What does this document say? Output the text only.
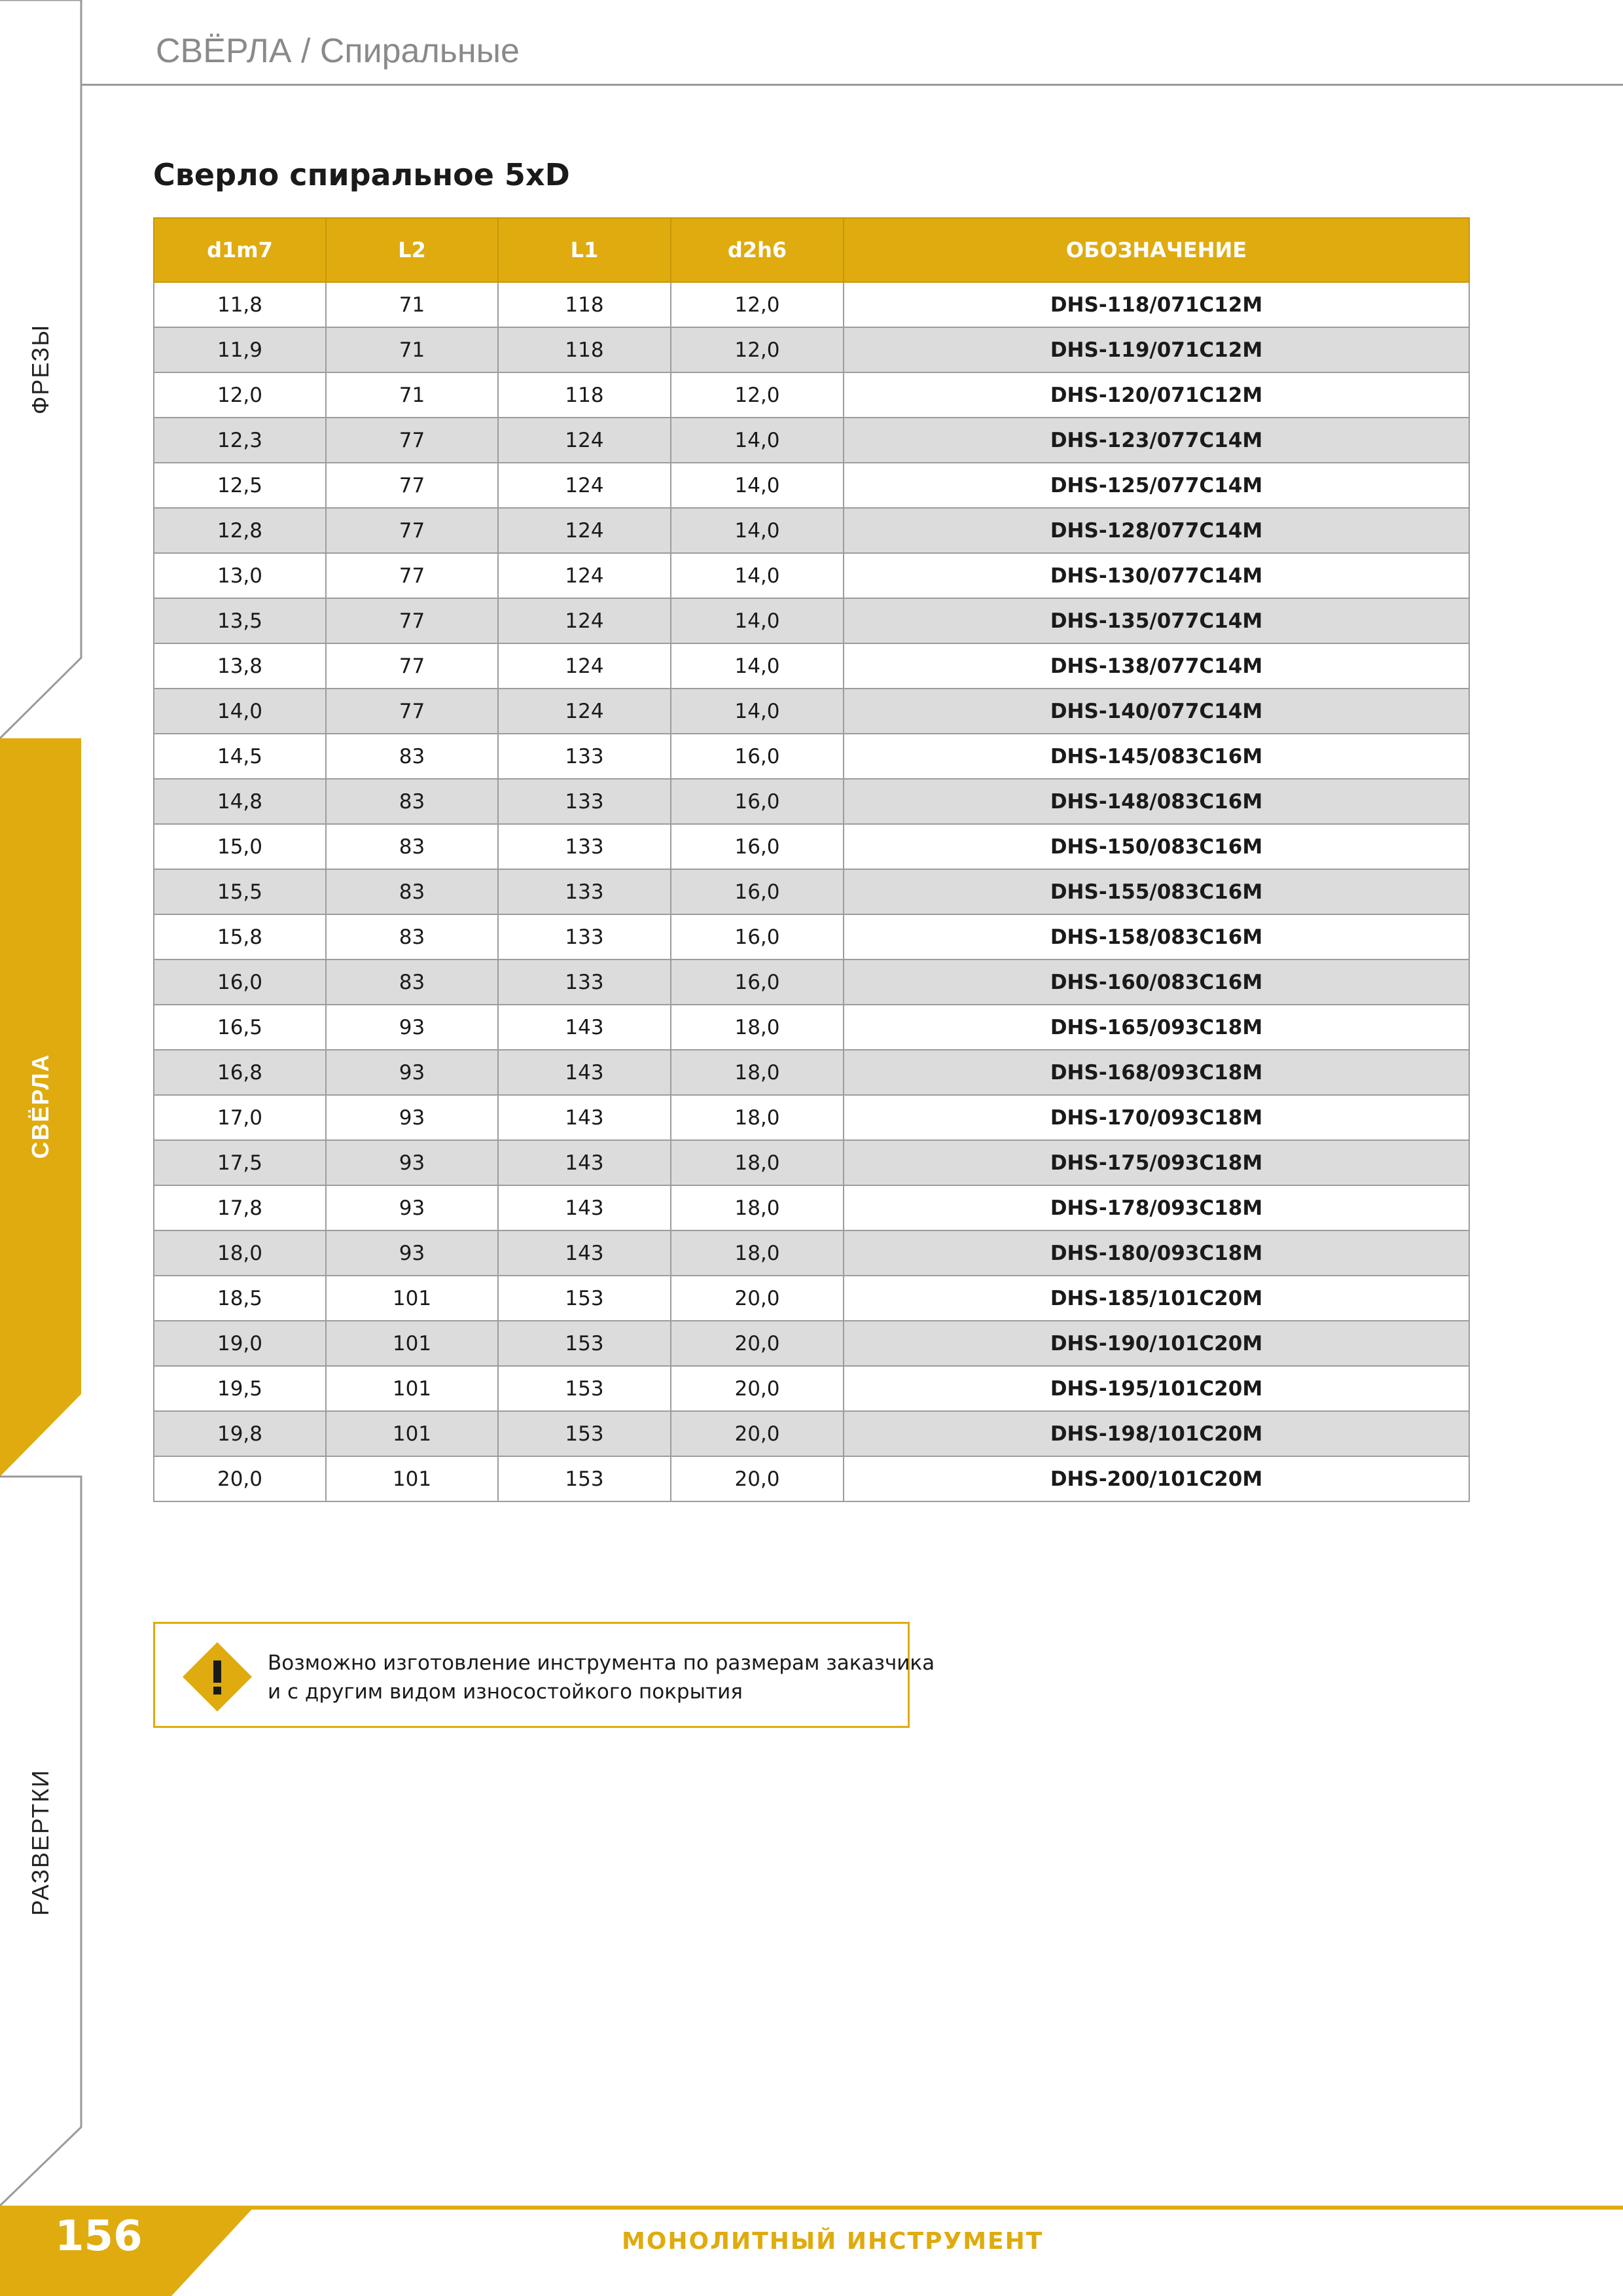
СВЁРЛА / Спиральные
ФРЕЗЫ
СВЁРЛА
РАЗВЕРТКИ
Сверло спиральное 5xD
d1m7	L2	L1	d2h6	ОБОЗНАЧЕНИЕ
11,8	71	118	12,0	DHS-118/071C12M
11,9	71	118	12,0	DHS-119/071C12M
12,0	71	118	12,0	DHS-120/071C12M
12,3	77	124	14,0	DHS-123/077C14M
12,5	77	124	14,0	DHS-125/077C14M
12,8	77	124	14,0	DHS-128/077C14M
13,0	77	124	14,0	DHS-130/077C14M
13,5	77	124	14,0	DHS-135/077C14M
13,8	77	124	14,0	DHS-138/077C14M
14,0	77	124	14,0	DHS-140/077C14M
14,5	83	133	16,0	DHS-145/083C16M
14,8	83	133	16,0	DHS-148/083C16M
15,0	83	133	16,0	DHS-150/083C16M
15,5	83	133	16,0	DHS-155/083C16M
15,8	83	133	16,0	DHS-158/083C16M
16,0	83	133	16,0	DHS-160/083C16M
16,5	93	143	18,0	DHS-165/093C18M
16,8	93	143	18,0	DHS-168/093C18M
17,0	93	143	18,0	DHS-170/093C18M
17,5	93	143	18,0	DHS-175/093C18M
17,8	93	143	18,0	DHS-178/093C18M
18,0	93	143	18,0	DHS-180/093C18M
18,5	101	153	20,0	DHS-185/101C20M
19,0	101	153	20,0	DHS-190/101C20M
19,5	101	153	20,0	DHS-195/101C20M
19,8	101	153	20,0	DHS-198/101C20M
20,0	101	153	20,0	DHS-200/101C20M
Возможно изготовление инструмента по размерам заказчика
и с другим видом износостойкого покрытия
156	МОНОЛИТНЫЙ ИНСТРУМЕНТ
